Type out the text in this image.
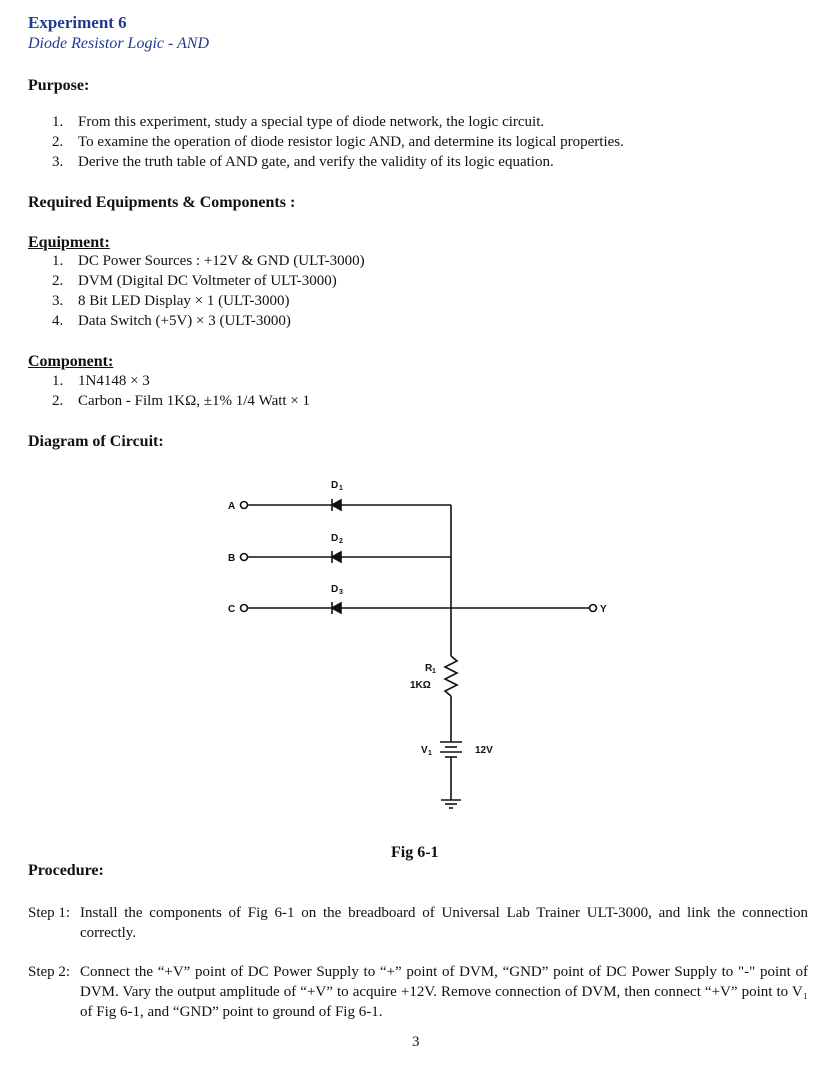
Experiment 6
Diode Resistor Logic - AND
Purpose:
1. From this experiment, study a special type of diode network, the logic circuit.
2. To examine the operation of diode resistor logic AND, and determine its logical properties.
3. Derive the truth table of AND gate, and verify the validity of its logic equation.
Required Equipments & Components :
Equipment:
1. DC Power Sources : +12V & GND (ULT-3000)
2. DVM (Digital DC Voltmeter of ULT-3000)
3. 8 Bit LED Display × 1 (ULT-3000)
4. Data Switch (+5V) × 3 (ULT-3000)
Component:
1. 1N4148 × 3
2. Carbon - Film 1KΩ, ±1% 1/4 Watt × 1
Diagram of Circuit:
A
B
C	Y
D 1
D 2
D 3
R 1
1KΩ
V 1	12V
Fig 6-1
Procedure:
Step 1: Install the components of Fig 6-1 on the breadboard of Universal Lab Trainer ULT-3000, and link the connection correctly.
Step 2: Connect the “+V” point of DC Power Supply to “+” point of DVM, “GND” point of DC Power Supply to "-" point of DVM. Vary the output amplitude of “+V” to acquire +12V. Remove connection of DVM, then connect “+V” point to V₁ of Fig 6-1, and “GND” point to ground of Fig 6-1.
3
